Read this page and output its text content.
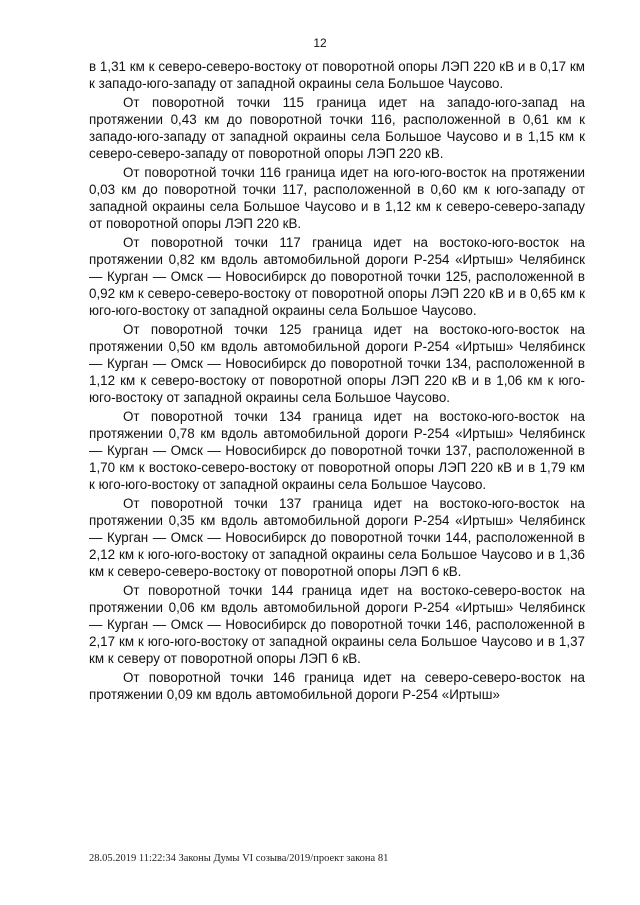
12

в 1,31 км к северо-северо-востоку от поворотной опоры ЛЭП 220 кВ и в 0,17 км к западо-юго-западу от западной окраины села Большое Чаусово.

От поворотной точки 115 граница идет на западо-юго-запад на протяжении 0,43 км до поворотной точки 116, расположенной в 0,61 км к западо-юго-западу от западной окраины села Большое Чаусово и в 1,15 км к северо-северо-западу от поворотной опоры ЛЭП 220 кВ.

От поворотной точки 116 граница идет на юго-юго-восток на протяжении 0,03 км до поворотной точки 117, расположенной в 0,60 км к юго-западу от западной окраины села Большое Чаусово и в 1,12 км к северо-северо-западу от поворотной опоры ЛЭП 220 кВ.

От поворотной точки 117 граница идет на востоко-юго-восток на протяжении 0,82 км вдоль автомобильной дороги Р-254 «Иртыш» Челябинск — Курган — Омск — Новосибирск до поворотной точки 125, расположенной в 0,92 км к северо-северо-востоку от поворотной опоры ЛЭП 220 кВ и в 0,65 км к юго-юго-востоку от западной окраины села Большое Чаусово.

От поворотной точки 125 граница идет на востоко-юго-восток на протяжении 0,50 км вдоль автомобильной дороги Р-254 «Иртыш» Челябинск — Курган — Омск — Новосибирск до поворотной точки 134, расположенной в 1,12 км к северо-востоку от поворотной опоры ЛЭП 220 кВ и в 1,06 км к юго-юго-востоку от западной окраины села Большое Чаусово.

От поворотной точки 134 граница идет на востоко-юго-восток на протяжении 0,78 км вдоль автомобильной дороги Р-254 «Иртыш» Челябинск — Курган — Омск — Новосибирск до поворотной точки 137, расположенной в 1,70 км к востоко-северо-востоку от поворотной опоры ЛЭП 220 кВ и в 1,79 км к юго-юго-востоку от западной окраины села Большое Чаусово.

От поворотной точки 137 граница идет на востоко-юго-восток на протяжении 0,35 км вдоль автомобильной дороги Р-254 «Иртыш» Челябинск — Курган — Омск — Новосибирск до поворотной точки 144, расположенной в 2,12 км к юго-юго-востоку от западной окраины села Большое Чаусово и в 1,36 км к северо-северо-востоку от поворотной опоры ЛЭП 6 кВ.

От поворотной точки 144 граница идет на востоко-северо-восток на протяжении 0,06 км вдоль автомобильной дороги Р-254 «Иртыш» Челябинск — Курган — Омск — Новосибирск до поворотной точки 146, расположенной в 2,17 км к юго-юго-востоку от западной окраины села Большое Чаусово и в 1,37 км к северу от поворотной опоры ЛЭП 6 кВ.

От поворотной точки 146 граница идет на северо-северо-восток на протяжении 0,09 км вдоль автомобильной дороги Р-254 «Иртыш»

28.05.2019 11:22:34 Законы Думы VI созыва/2019/проект закона 81
